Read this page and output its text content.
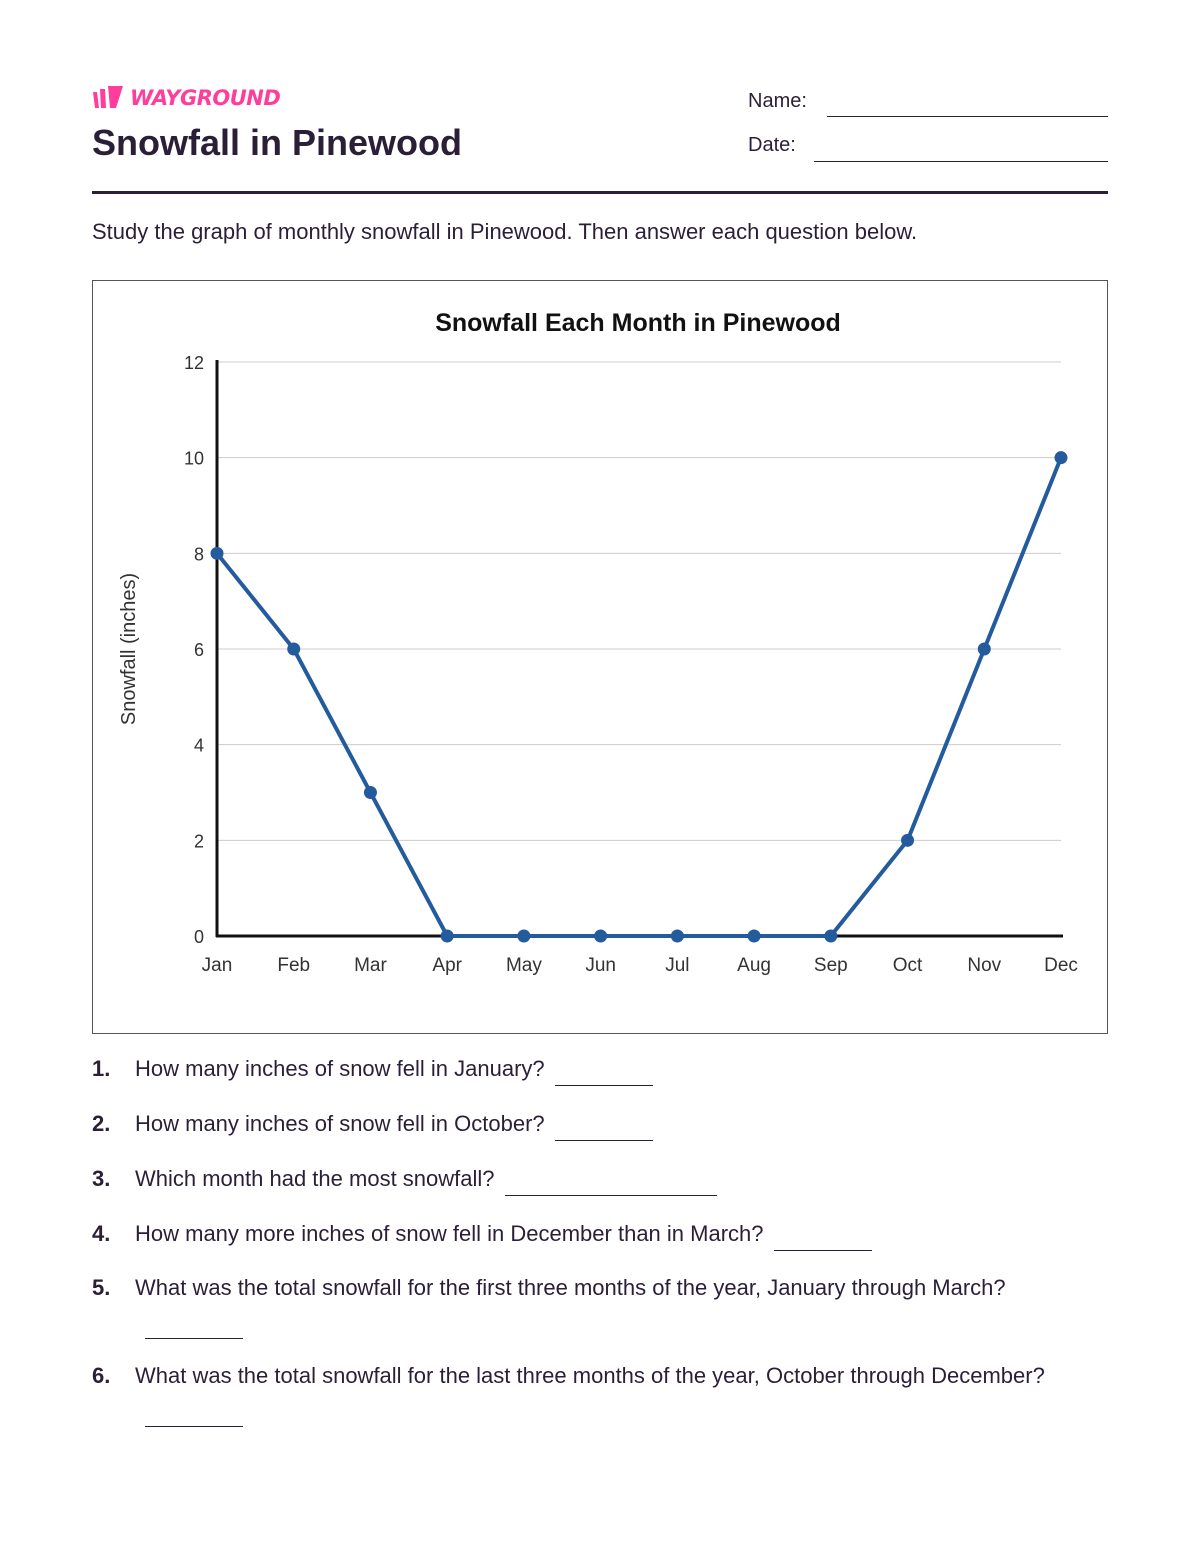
WAYGROUND
Snowfall in Pinewood
Name:
Date:
Study the graph of monthly snowfall in Pinewood. Then answer each question below.
Snowfall Each Month in Pinewood
0
2
4
6
8
10
12
Jan Feb Mar Apr May Jun	Jul	Aug Sep Oct Nov Dec
Snowfall (inches)
1. How many inches of snow fell in January?
2. How many inches of snow fell in October?
3. Which month had the most snowfall?
4. How many more inches of snow fell in December than in March?
5. What was the total snowfall for the first three months of the year, January through March?
6. What was the total snowfall for the last three months of the year, October through December?
